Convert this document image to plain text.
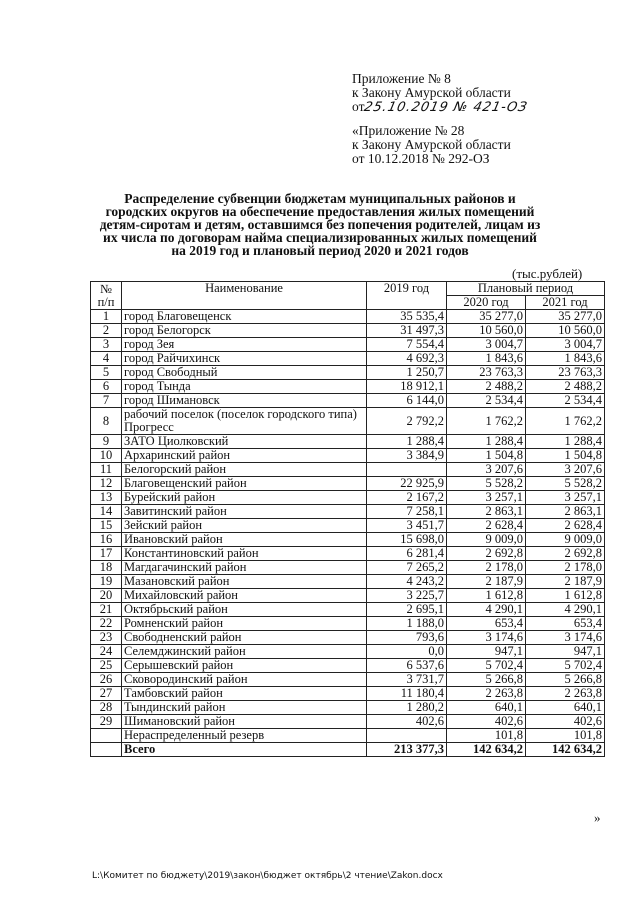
Приложение № 8
к Закону Амурской области
от25.10.2019 № 421-ОЗ
«Приложение № 28
к Закону Амурской области
от 10.12.2018 № 292-ОЗ
Распределение субвенции бюджетам муниципальных районов и
городских округов на обеспечение предоставления жилых помещений
детям-сиротам и детям, оставшимся без попечения родителей, лицам из
их числа по договорам найма специализированных жилых помещений
на 2019 год и плановый период 2020 и 2021 годов
(тыс.рублей)
№
п/п	Наименование	2019 год	Плановый период	
			2020 год	2021 год
1	город Благовещенск	35 535,4	35 277,0	35 277,0
2	город Белогорск	31 497,3	10 560,0	10 560,0
3	город Зея	7 554,4	3 004,7	3 004,7
4	город Райчихинск	4 692,3	1 843,6	1 843,6
5	город Свободный	1 250,7	23 763,3	23 763,3
6	город Тында	18 912,1	2 488,2	2 488,2
7	город Шимановск	6 144,0	2 534,4	2 534,4
8	рабочий поселок (поселок городского типа) Прогресс	2 792,2	1 762,2	1 762,2
9	ЗАТО Циолковский	1 288,4	1 288,4	1 288,4
10	Архаринский район	3 384,9	1 504,8	1 504,8
11	Белогорский район		3 207,6	3 207,6
12	Благовещенский район	22 925,9	5 528,2	5 528,2
13	Бурейский район	2 167,2	3 257,1	3 257,1
14	Завитинский район	7 258,1	2 863,1	2 863,1
15	Зейский район	3 451,7	2 628,4	2 628,4
16	Ивановский район	15 698,0	9 009,0	9 009,0
17	Константиновский район	6 281,4	2 692,8	2 692,8
18	Магдагачинский район	7 265,2	2 178,0	2 178,0
19	Мазановский район	4 243,2	2 187,9	2 187,9
20	Михайловский район	3 225,7	1 612,8	1 612,8
21	Октябрьский район	2 695,1	4 290,1	4 290,1
22	Ромненский район	1 188,0	653,4	653,4
23	Свободненский район	793,6	3 174,6	3 174,6
24	Селемджинский район	0,0	947,1	947,1
25	Серышевский район	6 537,6	5 702,4	5 702,4
26	Сковородинский район	3 731,7	5 266,8	5 266,8
27	Тамбовский район	11 180,4	2 263,8	2 263,8
28	Тындинский район	1 280,2	640,1	640,1
29	Шимановский район	402,6	402,6	402,6
	Нераспределенный резерв		101,8	101,8
	Всего	213 377,3	142 634,2	142 634,2
»
L:\Комитет по бюджету\2019\закон\бюджет октябрь\2 чтение\Zakon.docx
